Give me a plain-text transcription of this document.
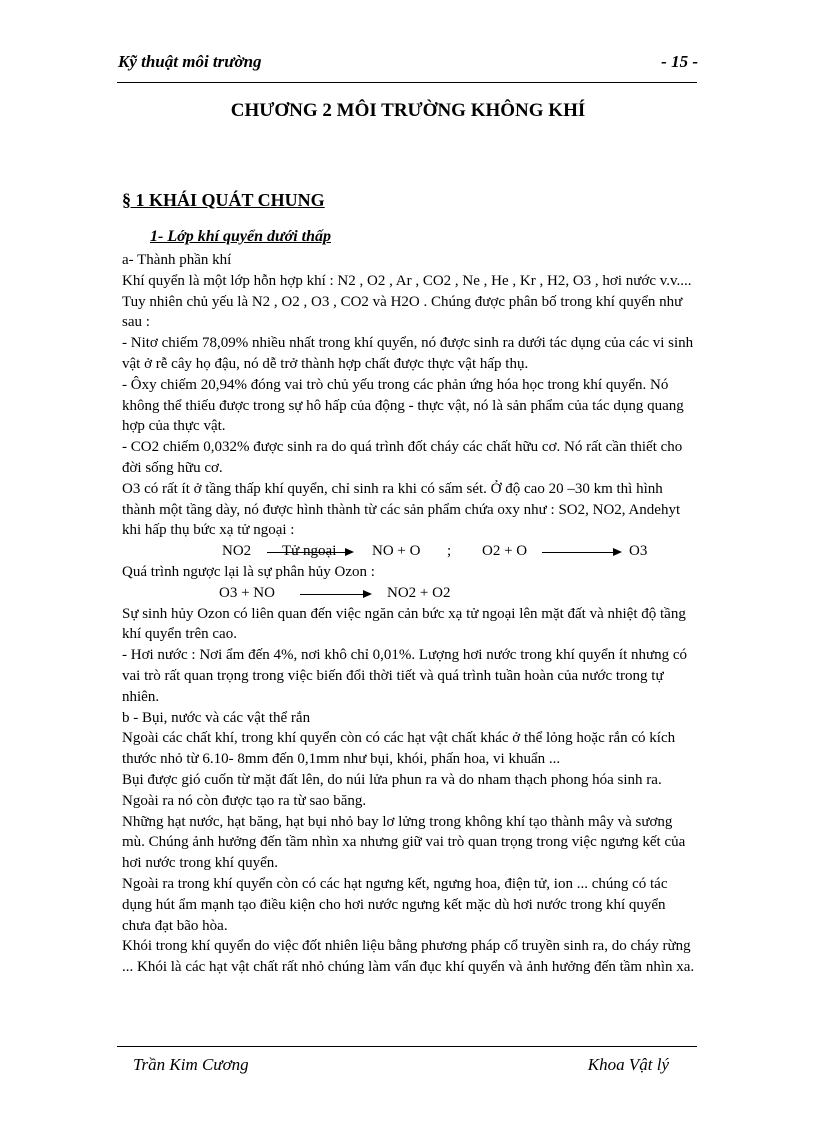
Kỹ thuật môi trường	- 15 -
CHƯƠNG 2 MÔI TRƯỜNG KHÔNG KHÍ
§ 1 KHÁI QUÁT CHUNG
1- Lớp khí quyển dưới thấp

a- Thành phần khí

Khí quyển là một lớp hỗn hợp khí : N2 , O2 , Ar , CO2 , Ne , He , Kr , H2, O3 , hơi nước v.v.... Tuy nhiên chủ yếu là N2 , O2 , O3 , CO2 và H2O . Chúng được phân bố trong khí quyển như sau :

- Nitơ chiếm 78,09% nhiều nhất trong khí quyển, nó được sinh ra dưới tác dụng của các vi sinh vật ở rễ cây họ đậu, nó dễ trở thành hợp chất được thực vật hấp thụ.

- Ôxy chiếm 20,94% đóng vai trò chủ yếu trong các phản ứng hóa học trong khí quyển. Nó không thể thiếu được trong sự hô hấp của động - thực vật, nó là sản phẩm của tác dụng quang hợp của thực vật.

- CO2 chiếm 0,032% được sinh ra do quá trình đốt cháy các chất hữu cơ. Nó rất cần thiết cho đời sống hữu cơ.

O3 có rất ít ở tầng thấp khí quyển, chỉ sinh ra khi có sấm sét. Ở độ cao 20 –30 km thì hình thành một tầng dày, nó được hình thành từ các sản phẩm chứa oxy như : SO2, NO2, Andehyt khi hấp thụ bức xạ tử ngoại :

NO2 Tử ngoại NO + O ; O2 + O	O3

Quá trình ngược lại là sự phân hủy Ozon :

O3 + NO	NO2 + O2

Sự sinh hủy Ozon có liên quan đến việc ngăn cản bức xạ tử ngoại lên mặt đất và nhiệt độ tầng khí quyển trên cao.

- Hơi nước : Nơi ẩm đến 4%, nơi khô chỉ 0,01%. Lượng hơi nước trong khí quyển ít nhưng có vai trò rất quan trọng trong việc biến đổi thời tiết và quá trình tuần hoàn của nước trong tự nhiên.

b - Bụi, nước và các vật thể rắn

Ngoài các chất khí, trong khí quyển còn có các hạt vật chất khác ở thể lỏng hoặc rắn có kích thước nhỏ từ 6.10- 8mm đến 0,1mm như bụi, khói, phấn hoa, vi khuẩn ...

Bụi được gió cuốn từ mặt đất lên, do núi lửa phun ra và do nham thạch phong hóa sinh ra. Ngoài ra nó còn được tạo ra từ sao băng.

Những hạt nước, hạt băng, hạt bụi nhỏ bay lơ lửng trong không khí tạo thành mây và sương mù. Chúng ảnh hưởng đến tầm nhìn xa nhưng giữ vai trò quan trọng trong việc ngưng kết của hơi nước trong khí quyển.

Ngoài ra trong khí quyển còn có các hạt ngưng kết, ngưng hoa, điện tử, ion ... chúng có tác dụng hút ẩm mạnh tạo điều kiện cho hơi nước ngưng kết mặc dù hơi nước trong khí quyển chưa đạt bão hòa.

Khói trong khí quyển do việc đốt nhiên liệu bằng phương pháp cổ truyền sinh ra, do cháy rừng ... Khói là các hạt vật chất rất nhỏ chúng làm vẩn đục khí quyển và ảnh hưởng đến tầm nhìn xa.

Trần Kim Cương	Khoa Vật lý
